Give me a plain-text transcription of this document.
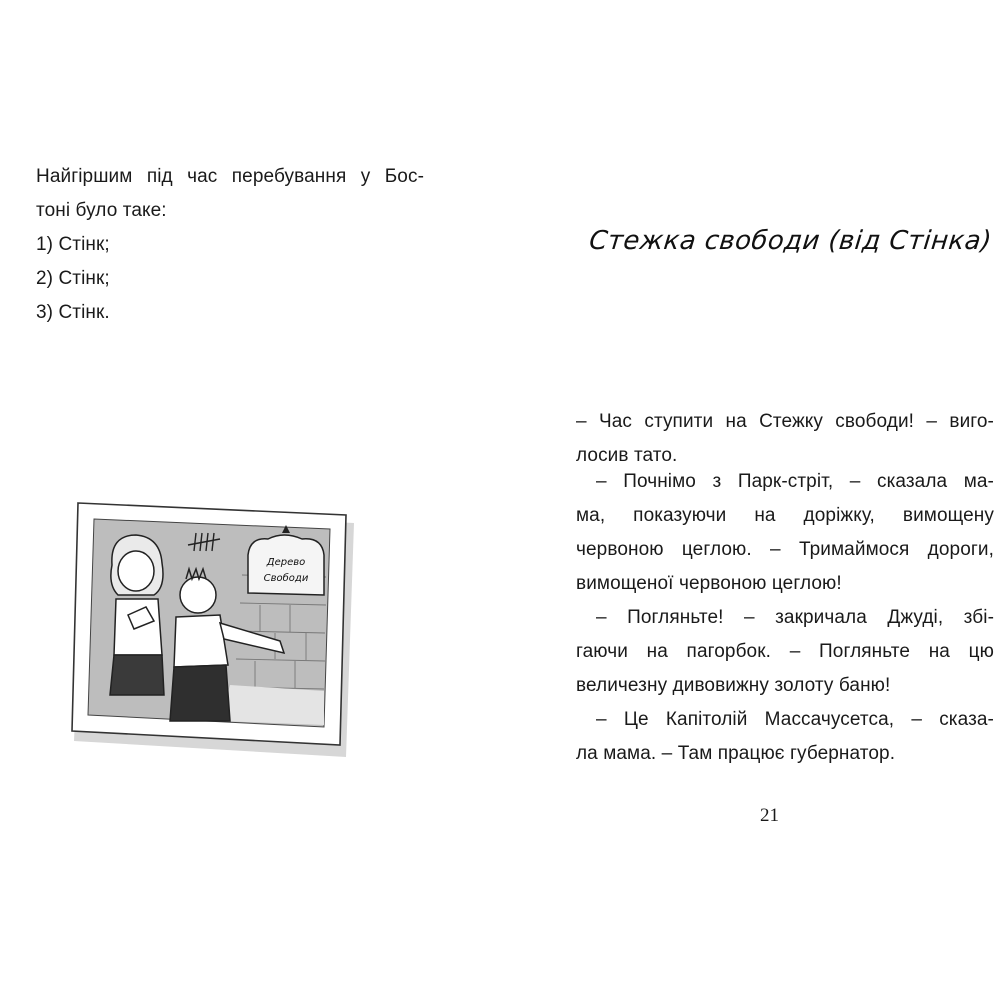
Найгіршим під час перебування у Бос-
тоні було таке:
1) Стінк;
2) Стінк;
3) Стінк.
Дерево
Свободи
Стежка свободи (від Стінка)
– Час ступити на Стежку свободи! – виго-
лосив тато.
– Почнімо з Парк-стріт, – сказала ма-
ма, показуючи на доріжку, вимощену
червоною цеглою. – Тримаймося дороги,
вимощеної червоною цеглою!
– Погляньте! – закричала Джуді, збі-
гаючи на пагорбок. – Погляньте на цю
величезну дивовижну золоту баню!
– Це Капітолій Массачусетса, – сказа-
ла мама. – Там працює губернатор.
21
